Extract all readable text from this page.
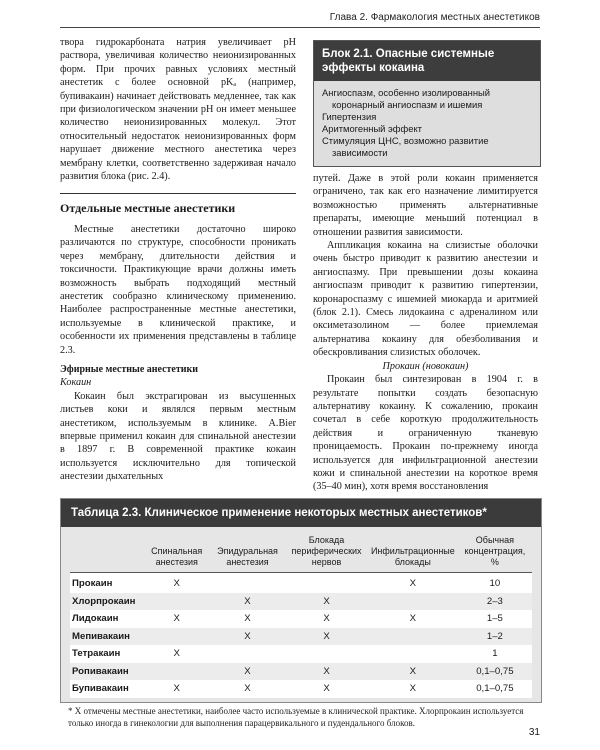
Глава 2. Фармакология местных анестетиков

твора гидрокарбоната натрия увеличивает pH раствора, увеличивая количество неионизированных форм. При прочих равных условиях местный анестетик с более основной pKₐ (например, бупивакаин) начинает действовать медленнее, так как при физиологическом значении pH он имеет меньшее количество неионизированных молекул. Этот относительный недостаток неионизированных форм нарушает движение местного анестетика через мембрану клетки, соответственно задерживая начало развития блока (рис. 2.4).

Отдельные местные анестетики

Местные анестетики достаточно широко различаются по структуре, способности проникать через мембрану, длительности действия и токсичности. Практикующие врачи должны иметь возможность выбрать подходящий местный анестетик сообразно клиническому применению. Наиболее распространенные местные анестетики, используемые в клинической практике, и особенности их применения представлены в таблице 2.3.

Эфирные местные анестетики

Кокаин

Кокаин был экстрагирован из высушенных листьев коки и являлся первым местным анестетиком, используемым в клинике. A.Bier впервые применил кокаин для спинальной анестезии в 1897 г. В современной практике кокаин используется исключительно для топической анестезии дыхательных

Блок 2.1. Опасные системные эффекты кокаина
Ангиоспазм, особенно изолированный коронарный ангиоспазм и ишемия
Гипертензия
Аритмогенный эффект
Стимуляция ЦНС, возможно развитие зависимости

путей. Даже в этой роли кокаин применяется ограничено, так как его назначение лимитируется возможностью применять альтернативные препараты, имеющие меньший потенциал в отношении развития зависимости.

Аппликация кокаина на слизистые оболочки очень быстро приводит к развитию анестезии и ангиоспазму. При превышении дозы кокаина ангиоспазм приводит к развитию гипертензии, коронароспазму с ишемией миокарда и аритмией (блок 2.1). Смесь лидокаина с адреналином или оксиметазолином — более приемлемая альтернатива кокаину для обезболивания и обескровливания слизистых оболочек.

Прокаин (новокаин)

Прокаин был синтезирован в 1904 г. в результате попытки создать безопасную альтернативу кокаину. К сожалению, прокаин сочетал в себе короткую продолжительность действия и ограниченную тканевую проницаемость. Прокаин по-прежнему иногда используется для инфильтрационной анестезии кожи и спинальной анестезии на короткое время (35–40 мин), хотя время восстановления

Таблица 2.3. Клиническое применение некоторых местных анестетиков*
	Спинальная анестезия	Эпидуральная анестезия	Блокада периферических нервов	Инфильтрационные блокады	Обычная концентрация, %
Прокаин	X			X	10
Хлорпрокаин		X	X		2–3
Лидокаин	X	X	X	X	1–5
Мепивакаин		X	X		1–2
Тетракаин	X				1
Ропивакаин		X	X	X	0,1–0,75
Бупивакаин	X	X	X	X	0,1–0,75
* X отмечены местные анестетики, наиболее часто используемые в клинической практике. Хлорпрокаин используется только иногда в гинекологии для выполнения парацервикального и пудендального блоков.
31
